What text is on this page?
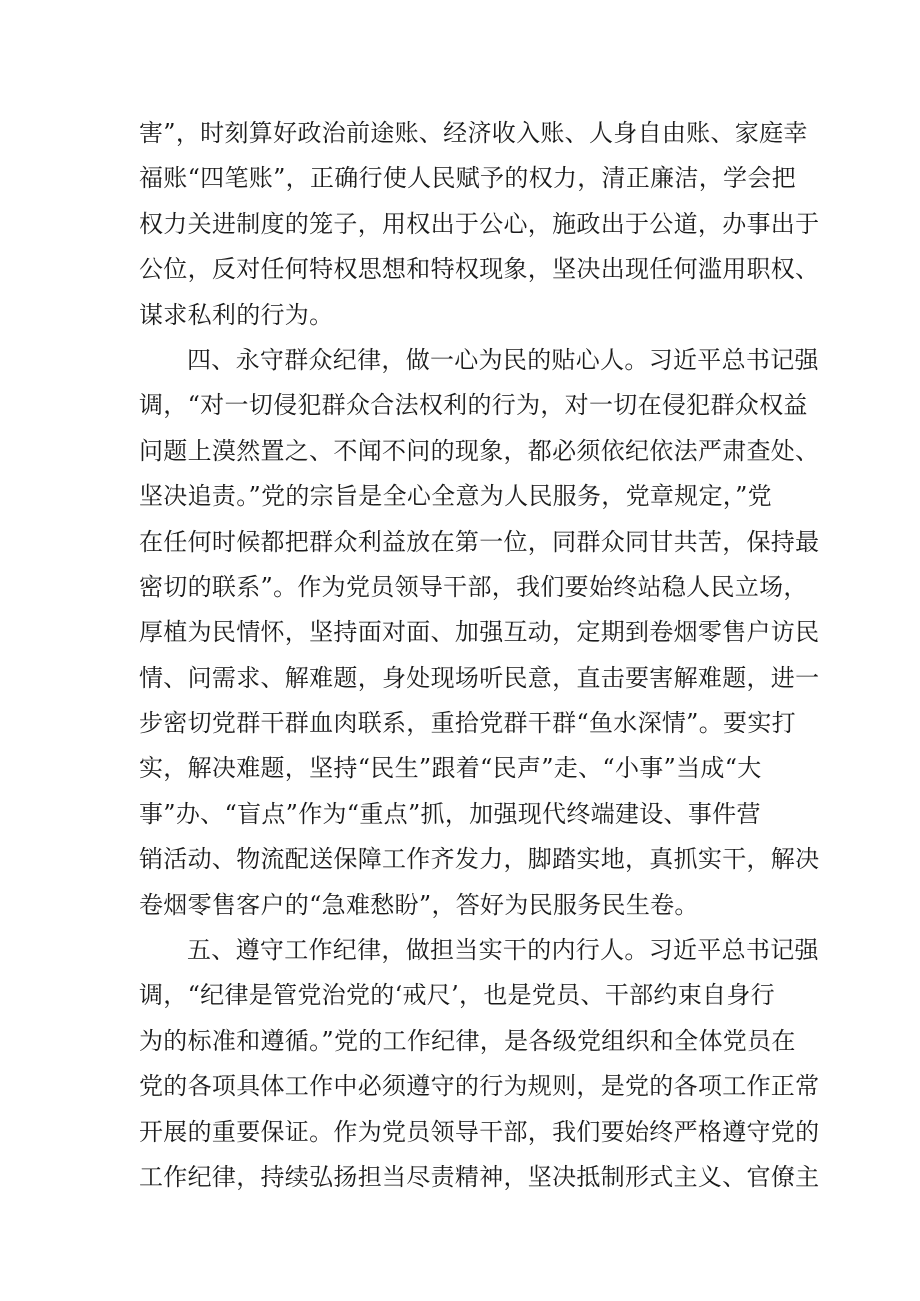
害”，时刻算好政治前途账、经济收入账、人身自由账、家庭幸
福账“四笔账”，正确行使人民赋予的权力，清正廉洁，学会把
权力关进制度的笼子，用权出于公心，施政出于公道，办事出于
公位，反对任何特权思想和特权现象，坚决出现任何滥用职权、
谋求私利的行为。
四、永守群众纪律，做一心为民的贴心人。习近平总书记强
调，“对一切侵犯群众合法权利的行为，对一切在侵犯群众权益
问题上漠然置之、不闻不问的现象，都必须依纪依法严肃查处、
坚决追责。”党的宗旨是全心全意为人民服务，党章规定，”党
在任何时候都把群众利益放在第一位，同群众同甘共苦，保持最
密切的联系”。作为党员领导干部，我们要始终站稳人民立场，
厚植为民情怀，坚持面对面、加强互动，定期到卷烟零售户访民
情、问需求、解难题，身处现场听民意，直击要害解难题，进一
步密切党群干群血肉联系，重拾党群干群“鱼水深情”。要实打
实，解决难题，坚持“民生”跟着“民声”走、“小事”当成“大
事”办、“盲点”作为“重点”抓，加强现代终端建设、事件营
销活动、物流配送保障工作齐发力，脚踏实地，真抓实干，解决
卷烟零售客户的“急难愁盼”，答好为民服务民生卷。
五、遵守工作纪律，做担当实干的内行人。习近平总书记强
调，“纪律是管党治党的‘戒尺’，也是党员、干部约束自身行
为的标准和遵循。”党的工作纪律，是各级党组织和全体党员在
党的各项具体工作中必须遵守的行为规则，是党的各项工作正常
开展的重要保证。作为党员领导干部，我们要始终严格遵守党的
工作纪律，持续弘扬担当尽责精神，坚决抵制形式主义、官僚主
